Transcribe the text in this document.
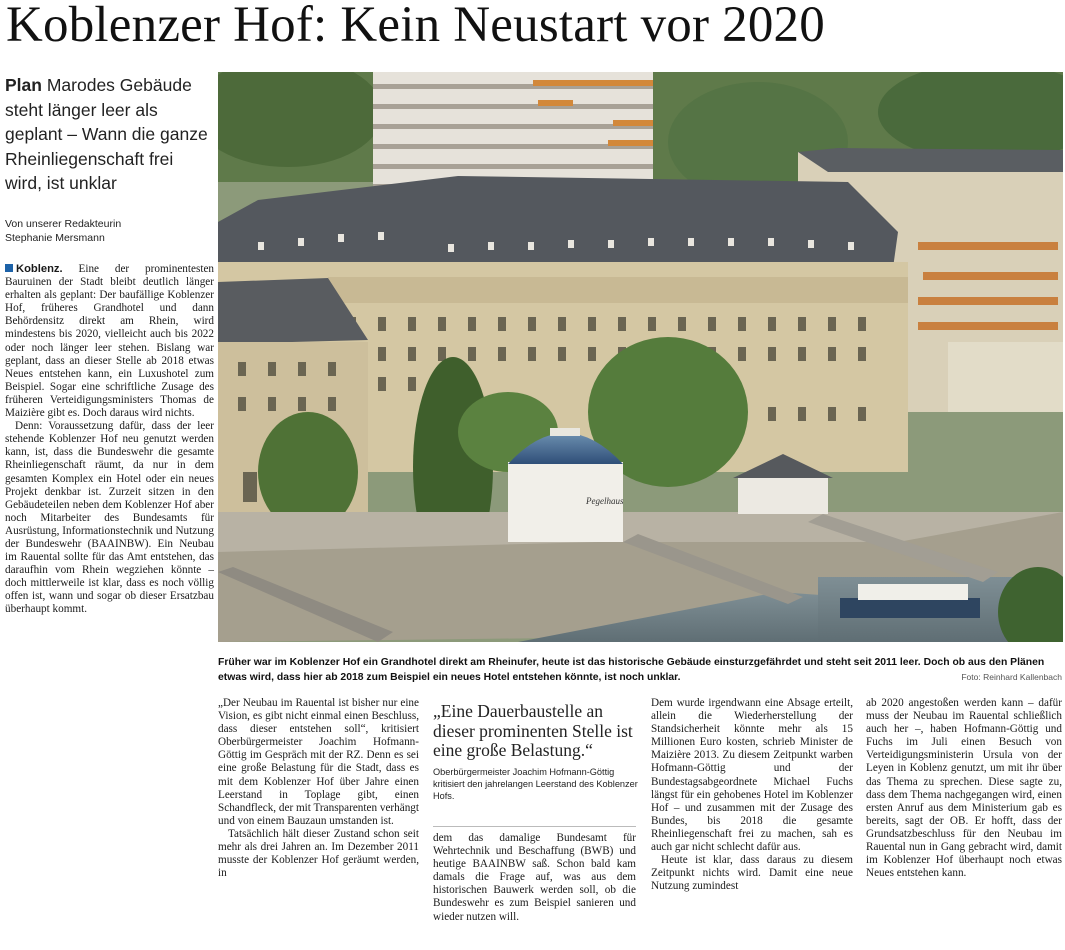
Koblenzer Hof: Kein Neustart vor 2020
Plan Marodes Gebäude steht länger leer als geplant – Wann die ganze Rheinliegenschaft frei wird, ist unklar
Von unserer Redakteurin
Stephanie Mersmann

Koblenz. Eine der prominentesten Bauruinen der Stadt bleibt deutlich länger erhalten als geplant: Der baufällige Koblenzer Hof, früheres Grandhotel und dann Behördensitz direkt am Rhein, wird mindestens bis 2020, vielleicht auch bis 2022 oder noch länger leer stehen. Bislang war geplant, dass an dieser Stelle ab 2018 etwas Neues entstehen kann, ein Luxushotel zum Beispiel. Sogar eine schriftliche Zusage des früheren Verteidigungsministers Thomas de Maizière gibt es. Doch daraus wird nichts.

Denn: Voraussetzung dafür, dass der leer stehende Koblenzer Hof neu genutzt werden kann, ist, dass die Bundeswehr die gesamte Rheinliegenschaft räumt, da nur in dem gesamten Komplex ein Hotel oder ein neues Projekt denkbar ist. Zurzeit sitzen in den Gebäudeteilen neben dem Koblenzer Hof aber noch Mitarbeiter des Bundesamts für Ausrüstung, Informationstechnik und Nutzung der Bundeswehr (BAAINBW). Ein Neubau im Rauental sollte für das Amt entstehen, das daraufhin vom Rhein wegziehen könnte – doch mittlerweile ist klar, dass es noch völlig offen ist, wann und sogar ob dieser Ersatzbau überhaupt kommt.

Pegelhaus
Früher war im Koblenzer Hof ein Grandhotel direkt am Rheinufer, heute ist das historische Gebäude einsturzgefährdet und steht seit 2011 leer. Doch ob aus den Plänen etwas wird, dass hier ab 2018 zum Beispiel ein neues Hotel entstehen könnte, ist noch unklar.	Foto: Reinhard Kallenbach

„Der Neubau im Rauental ist bisher nur eine Vision, es gibt nicht einmal einen Beschluss, dass dieser entstehen soll“, kritisiert Oberbürgermeister Joachim Hofmann-Göttig im Gespräch mit der RZ. Denn es sei eine große Belastung für die Stadt, dass es mit dem Koblenzer Hof über Jahre einen Leerstand in Toplage gibt, einen Schandfleck, der mit Transparenten verhängt und von einem Bauzaun umstanden ist.

Tatsächlich hält dieser Zustand schon seit mehr als drei Jahren an. Im Dezember 2011 musste der Koblenzer Hof geräumt werden, in

„Eine Dauerbaustelle an dieser prominenten Stelle ist eine große Belastung.“
Oberbürgermeister Joachim Hofmann-Göttig kritisiert den jahrelangen Leerstand des Koblenzer Hofs.

dem das damalige Bundesamt für Wehrtechnik und Beschaffung (BWB) und heutige BAAINBW saß. Schon bald kam damals die Frage auf, was aus dem historischen Bauwerk werden soll, ob die Bundeswehr es zum Beispiel sanieren und wieder nutzen will.

Dem wurde irgendwann eine Absage erteilt, allein die Wiederherstellung der Standsicherheit könnte mehr als 15 Millionen Euro kosten, schrieb Minister de Maizière 2013. Zu diesem Zeitpunkt warben Hofmann-Göttig und der Bundestagsabgeordnete Michael Fuchs längst für ein gehobenes Hotel im Koblenzer Hof – und zusammen mit der Zusage des Bundes, bis 2018 die gesamte Rheinliegenschaft frei zu machen, sah es auch gar nicht schlecht dafür aus.

Heute ist klar, dass daraus zu diesem Zeitpunkt nichts wird. Damit eine neue Nutzung zumindest

ab 2020 angestoßen werden kann – dafür muss der Neubau im Rauental schließlich auch her –, haben Hofmann-Göttig und Fuchs im Juli einen Besuch von Verteidigungsministerin Ursula von der Leyen in Koblenz genutzt, um mit ihr über das Thema zu sprechen. Diese sagte zu, dass dem Thema nachgegangen wird, einen ersten Anruf aus dem Ministerium gab es bereits, sagt der OB. Er hofft, dass der Grundsatzbeschluss für den Neubau im Rauental nun in Gang gebracht wird, damit im Koblenzer Hof überhaupt noch etwas Neues entstehen kann.
